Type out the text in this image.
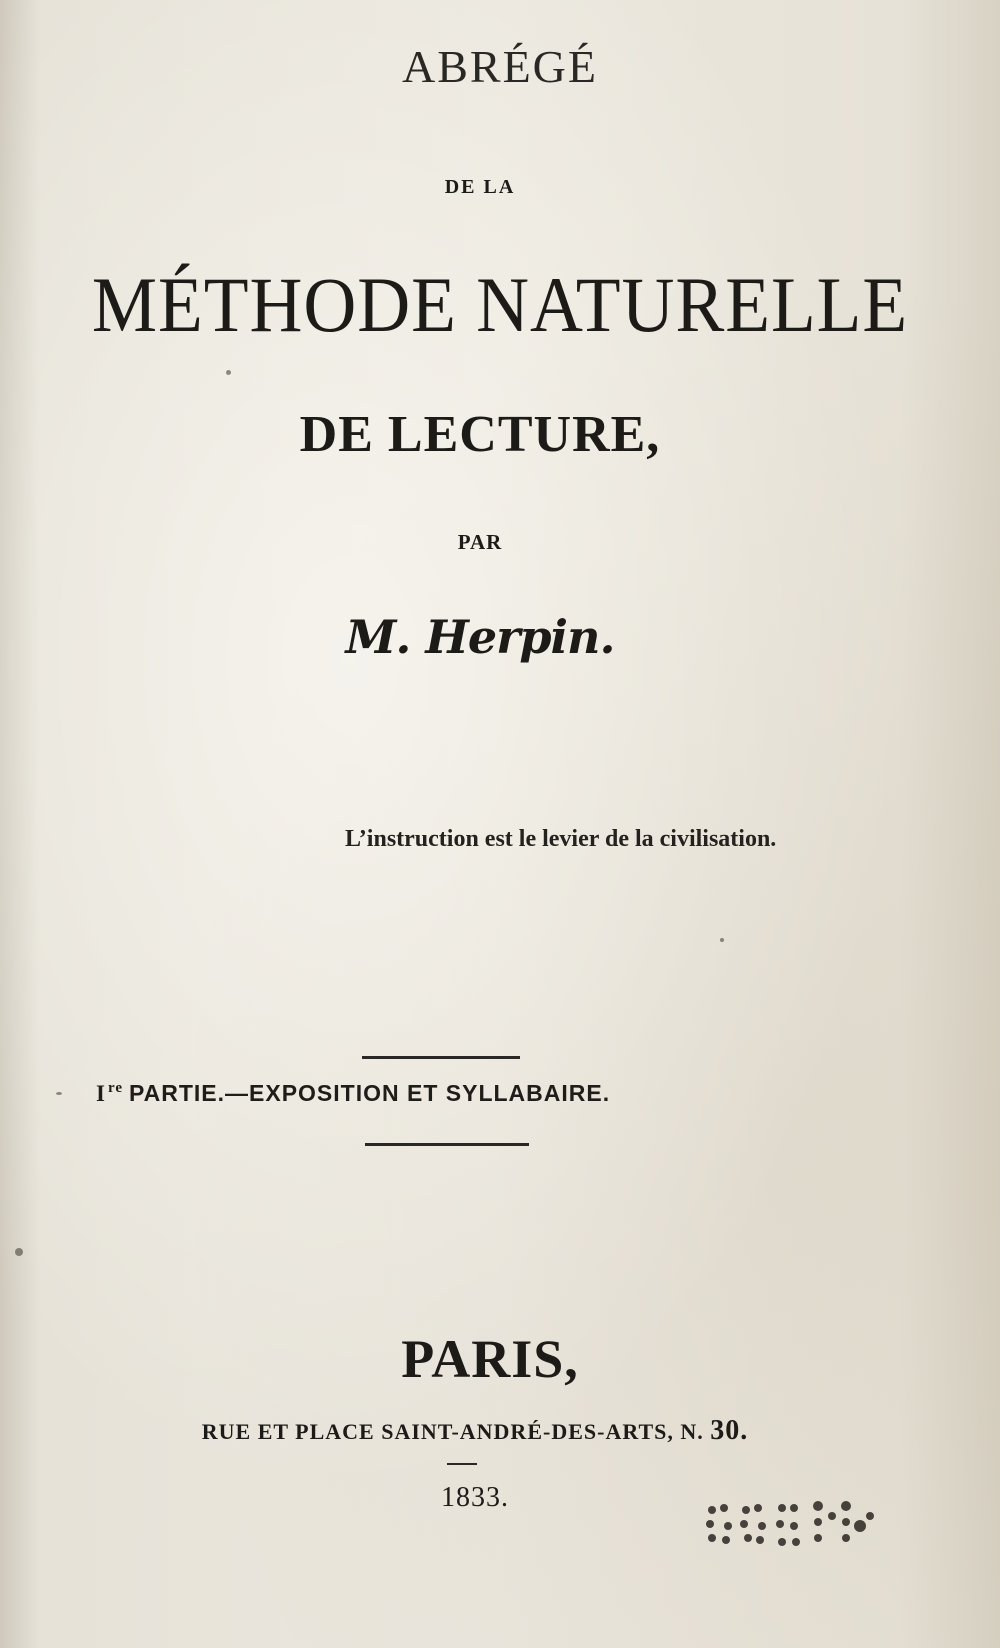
ABRÉGÉ
DE LA
MÉTHODE NATURELLE
DE LECTURE,
PAR
M. Herpin.
L’instruction est le levier de la civilisation.
I $^{re}$ PARTIE.—EXPOSITION ET SYLLABAIRE.
PARIS,
RUE ET PLACE SAINT-ANDRÉ-DES-ARTS, N. 30.
1833.
